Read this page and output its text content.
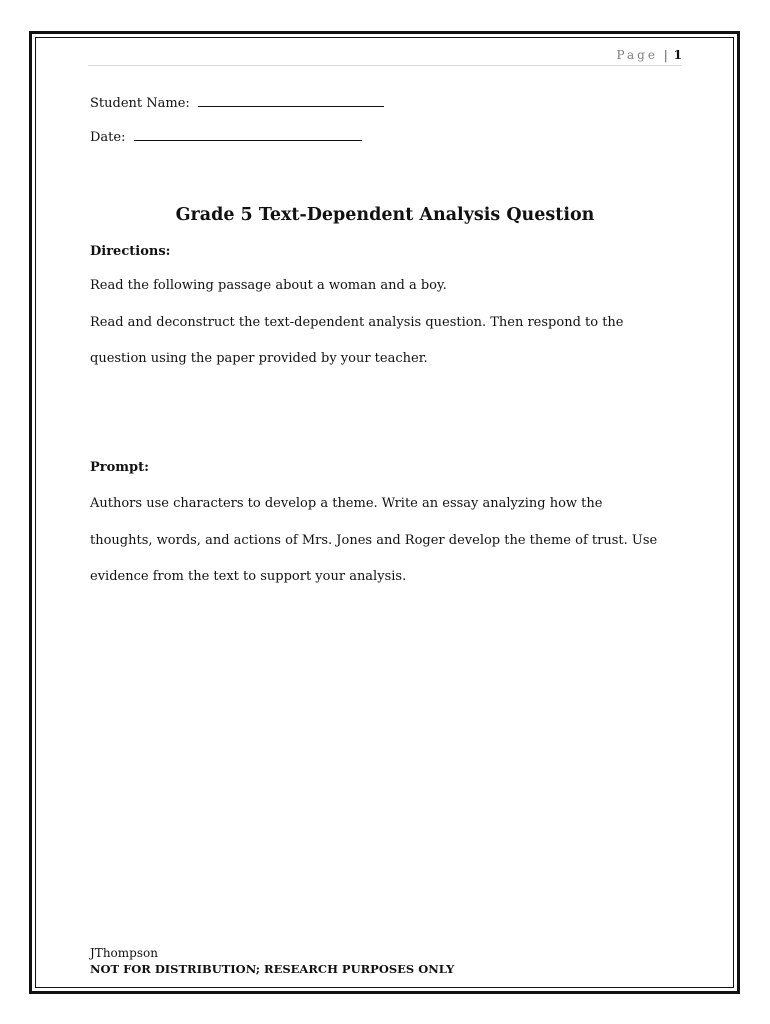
Page | 1
Student Name:
Date:
Grade 5 Text-Dependent Analysis Question
Directions:
Read the following passage about a woman and a boy.
Read and deconstruct the text-dependent analysis question. Then respond to the
question using the paper provided by your teacher.
Prompt:
Authors use characters to develop a theme. Write an essay analyzing how the
thoughts, words, and actions of Mrs. Jones and Roger develop the theme of trust. Use
evidence from the text to support your analysis.
JThompson
NOT FOR DISTRIBUTION; RESEARCH PURPOSES ONLY
